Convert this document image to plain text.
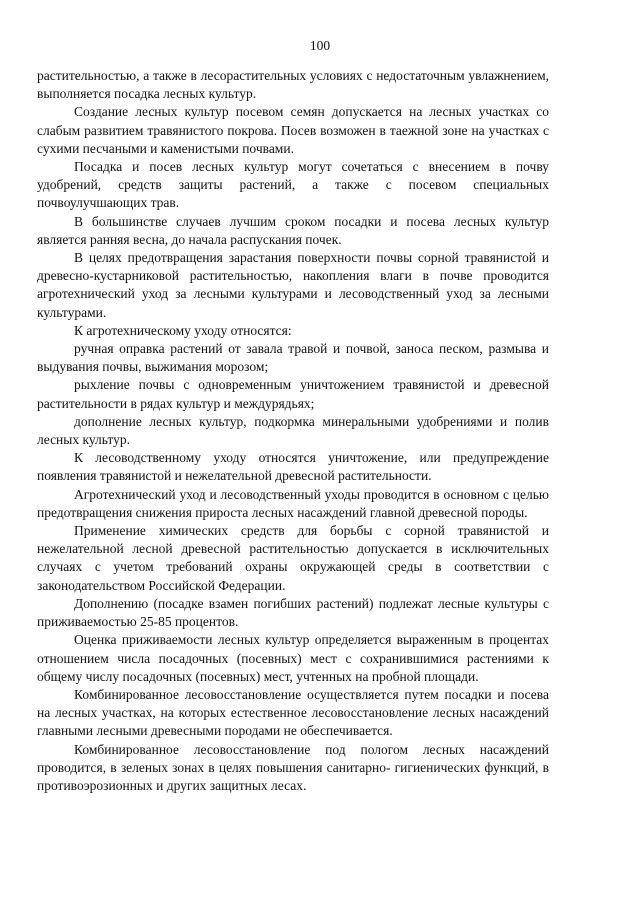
100

растительностью, а также в лесорастительных условиях с недостаточным увлажнением, выполняется посадка лесных культур.

Создание лесных культур посевом семян допускается на лесных участках со слабым развитием травянистого покрова. Посев возможен в таежной зоне на участках с сухими песчаными и каменистыми почвами.

Посадка и посев лесных культур могут сочетаться с внесением в почву удобрений, средств защиты растений, а также с посевом специальных почвоулучшающих трав.

В большинстве случаев лучшим сроком посадки и посева лесных культур является ранняя весна, до начала распускания почек.

В целях предотвращения зарастания поверхности почвы сорной травянистой и древесно-кустарниковой растительностью, накопления влаги в почве проводится агротехнический уход за лесными культурами и лесоводственный уход за лесными культурами.

К агротехническому уходу относятся:

ручная оправка растений от завала травой и почвой, заноса песком, размыва и выдувания почвы, выжимания морозом;

рыхление почвы с одновременным уничтожением травянистой и древесной растительности в рядах культур и междурядьях;

дополнение лесных культур, подкормка минеральными удобрениями и полив лесных культур.

К лесоводственному уходу относятся уничтожение, или предупреждение появления травянистой и нежелательной древесной растительности.

Агротехнический уход и лесоводственный уходы проводится в основном с целью предотвращения снижения прироста лесных насаждений главной древесной породы.

Применение химических средств для борьбы с сорной травянистой и нежелательной лесной древесной растительностью допускается в исключительных случаях с учетом требований охраны окружающей среды в соответствии с законодательством Российской Федерации.

Дополнению (посадке взамен погибших растений) подлежат лесные культуры с приживаемостью 25-85 процентов.

Оценка приживаемости лесных культур определяется выраженным в процентах отношением числа посадочных (посевных) мест с сохранившимися растениями к общему числу посадочных (посевных) мест, учтенных на пробной площади.

Комбинированное лесовосстановление осуществляется путем посадки и посева на лесных участках, на которых естественное лесовосстановление лесных насаждений главными лесными древесными породами не обеспечивается.

Комбинированное лесовосстановление под пологом лесных насаждений проводится, в зеленых зонах в целях повышения санитарно- гигиенических функций, в противоэрозионных и других защитных лесах.
